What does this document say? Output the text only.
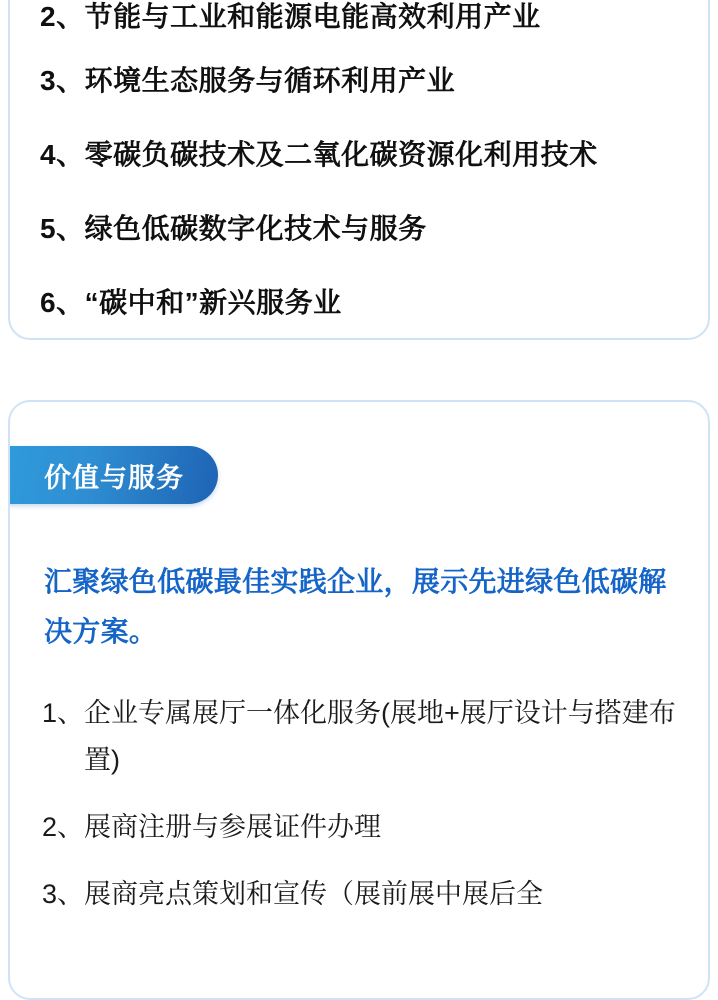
2、 节能与工业和能源电能高效利用产业
3、 环境生态服务与循环利用产业
4、 零碳负碳技术及二氧化碳资源化利用技术
5、 绿色低碳数字化技术与服务
6、 “碳中和”新兴服务业
价值与服务
汇聚绿色低碳最佳实践企业，展示先进绿色低碳解决方案。
1、 企业专属展厅一体化服务(展地+展厅设计与搭建布置)
2、 展商注册与参展证件办理
3、 展商亮点策划和宣传（展前展中展后全
